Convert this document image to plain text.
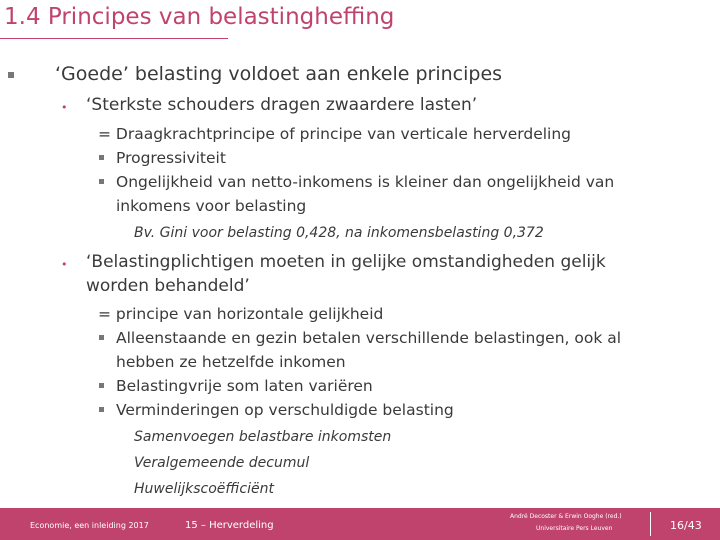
1.4 Principes van belastingheffing
‘Goede’ belasting voldoet aan enkele principes
• ‘Sterkste schouders dragen zwaardere lasten’
= Draagkrachtprincipe of principe van verticale herverdeling
Progressiviteit
Ongelijkheid van netto-inkomens is kleiner dan ongelijkheid van
inkomens voor belasting
Bv. Gini voor belasting 0,428, na inkomensbelasting 0,372
• ‘Belastingplichtigen moeten in gelijke omstandigheden gelijk
worden behandeld’
= principe van horizontale gelijkheid
Alleenstaande en gezin betalen verschillende belastingen, ook al
hebben ze hetzelfde inkomen
Belastingvrije som laten variëren
Verminderingen op verschuldigde belasting
Samenvoegen belastbare inkomsten
Veralgemeende decumul
Huwelijkscoëfficiënt
Economie, een inleiding 2017	15 – Herverdeling
André Decoster & Erwin Ooghe (red.)
Universitaire Pers Leuven	16/43
